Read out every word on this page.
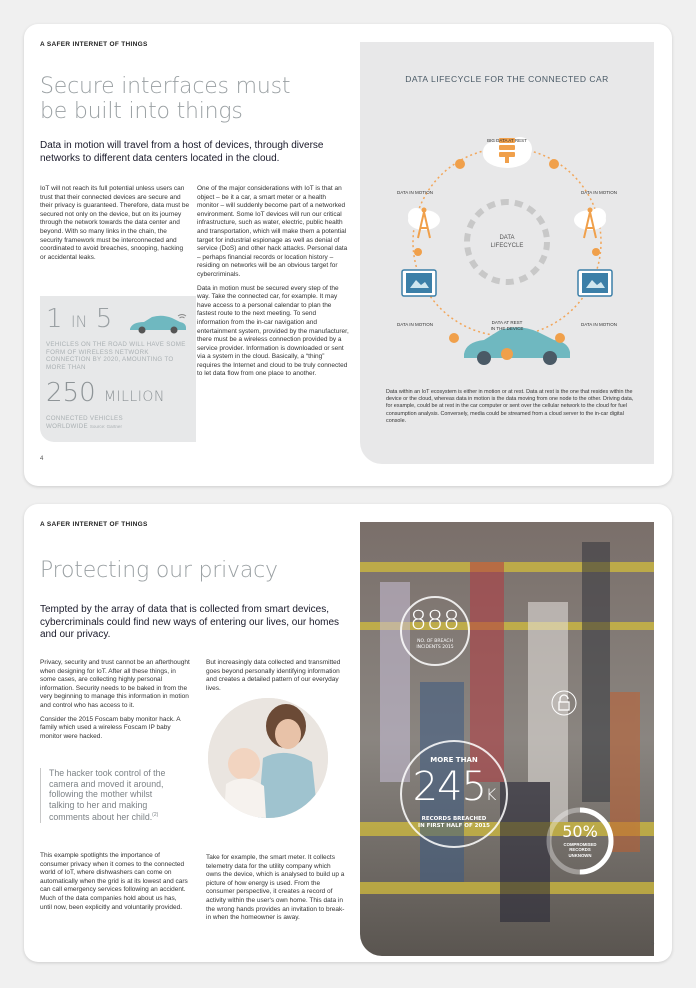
A SAFER INTERNET OF THINGS
Secure interfaces must
be built into things
Data in motion will travel from a host of devices, through diverse networks to different data centers located in the cloud.

IoT will not reach its full potential unless users can trust that their connected devices are secure and their privacy is guaranteed. Therefore, data must be secured not only on the device, but on its journey through the network towards the data center and beyond. With so many links in the chain, the security framework must be interconnected and coordinated to avoid breaches, snooping, hacking or accidental leaks.

One of the major considerations with IoT is that an object – be it a car, a smart meter or a health monitor – will suddenly become part of a networked environment. Some IoT devices will run our critical infrastructure, such as water, electric, public health and transportation, which will make them a potential target for industrial espionage as well as denial of service (DoS) and other hack attacks. Personal data – perhaps financial records or location history – residing on networks will be an obvious target for cybercriminals.

Data in motion must be secured every step of the way. Take the connected car, for example. It may have access to a personal calendar to plan the fastest route to the next meeting. To send information from the in-car navigation and entertainment system, provided by the manufacturer, there must be a wireless connection provided by a service provider. Information is downloaded or sent via a system in the cloud. Basically, a “thing” requires the Internet and cloud to be truly connected to let data flow from one place to another.

1 IN 5
VEHICLES ON THE ROAD WILL HAVE SOME FORM OF WIRELESS NETWORK CONNECTION BY 2020, AMOUNTING TO MORE THAN
250 MILLION
CONNECTED VEHICLES
WORLDWIDE Source: Gartner
4
DATA LIFECYCLE FOR THE CONNECTED CAR
BIG DATA AT REST
DATA IN MOTION	DATA IN MOTION
DATA IN MOTION	DATA IN MOTION
DATA AT REST
IN THE DEVICE
DATA
LIFECYCLE
Data within an IoT ecosystem is either in motion or at rest. Data at rest is the one that resides within the device or the cloud, whereas data in motion is the data moving from one node to the other. Driving data, for example, could be at rest in the car computer or sent over the cellular network to the cloud for fuel consumption analysis. Conversely, media could be streamed from a cloud server to the in-car digital console.
A SAFER INTERNET OF THINGS
Protecting our privacy
Tempted by the array of data that is collected from smart devices, cybercriminals could find new ways of entering our lives, our homes and our privacy.

Privacy, security and trust cannot be an afterthought when designing for IoT. After all these things, in some cases, are collecting highly personal information. Security needs to be baked in from the very beginning to manage this information in motion and control who has access to it.

Consider the 2015 Foscam baby monitor hack. A family which used a wireless Foscam IP baby monitor were hacked.

The hacker took control of the camera and moved it around, following the mother whilst talking to her and making comments about her child.$^{(2)}$

This example spotlights the importance of consumer privacy when it comes to the connected world of IoT, where dishwashers can come on automatically when the grid is at its lowest and cars can call emergency services following an accident. Much of the data companies hold about us has, until now, been explicitly and voluntarily provided.

But increasingly data collected and transmitted goes beyond personally identifying information and creates a detailed pattern of our everyday lives.

Take for example, the smart meter. It collects telemetry data for the utility company which owns the device, which is analysed to build up a picture of how energy is used. From the consumer perspective, it creates a record of activity within the user's own home. This data in the wrong hands provides an invitation to break-in when the homeowner is away.

888
NO. OF BREACH
INCIDENTS 2015
MORE THAN
245K
RECORDS BREACHED
IN FIRST HALF OF 2015	50%
COMPROMISED
RECORDS
UNKNOWN
5
